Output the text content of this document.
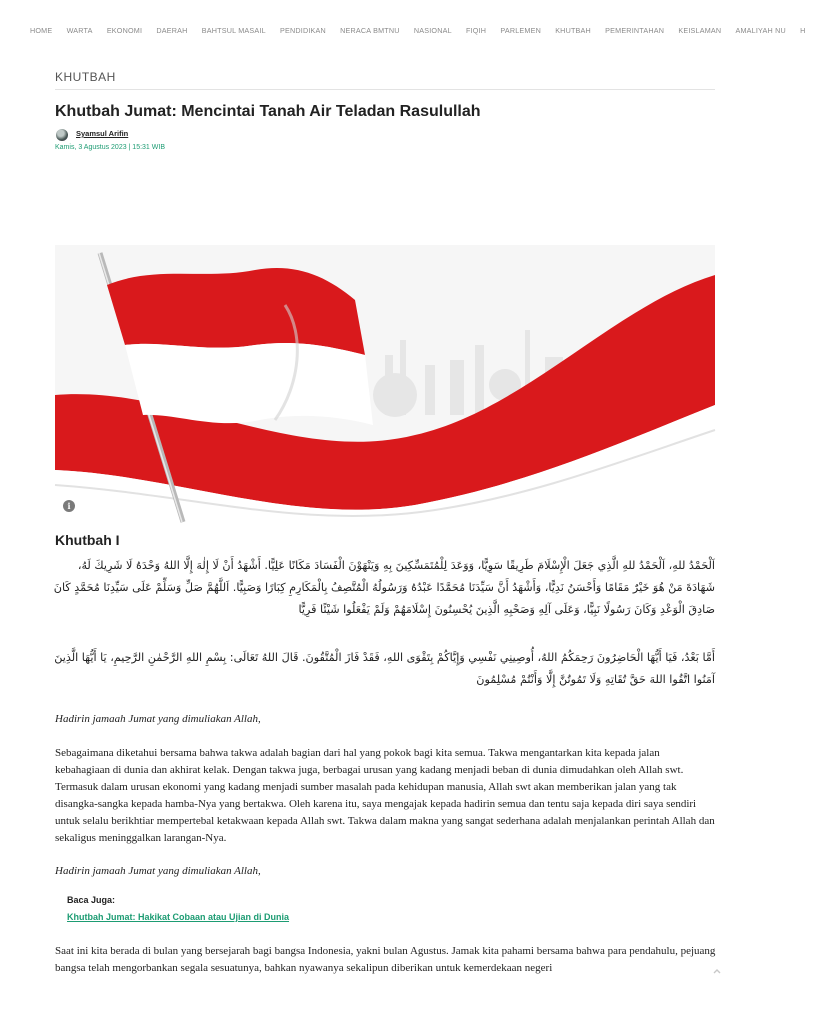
HOME WARTA EKONOMI DAERAH BAHTSUL MASAIL PENDIDIKAN NERACA BMTNU NASIONAL FIQIH PARLEMEN KHUTBAH PEMERINTAHAN KEISLAMAN AMALIYAH NU H
KHUTBAH
Khutbah Jumat: Mencintai Tanah Air Teladan Rasulullah
Syamsul Arifin
Kamis, 3 Agustus 2023 | 15:31 WIB
i
Khutbah I

اَلْحَمْدُ للهِ، اَلْحَمْدُ للهِ الَّذِي جَعَلَ الْإِسْلَامَ طَرِيقًا سَوِيًّا، وَوَعَدَ لِلْمُتَمَسِّكِينَ بِهِ وَيَنْهَوْنَ الْفَسَادَ مَكَانًا عَلِيًّا. أَشْهَدُ أَنْ لَا إِلٰهَ إِلَّا اللهُ وَحْدَهُ لَا شَرِيكَ لَهُ، شَهَادَةَ مَنْ هُوَ خَيْرٌ مَقَامًا وَأَحْسَنُ نَدِيًّا، وَأَشْهَدُ أَنَّ سَيِّدَنَا مُحَمَّدًا عَبْدُهُ وَرَسُولُهُ الْمُتَّصِفُ بِالْمَكَارِمِ كِبَارًا وَصَبِيًّا. اَللَّهُمَّ صَلِّ وَسَلِّمْ عَلَى سَيِّدِنَا مُحَمَّدٍ كَانَ صَادِقَ الْوَعْدِ وَكَانَ رَسُولًا نَبِيًّا، وَعَلَى آلِهِ وَصَحْبِهِ الَّذِينَ يُحْسِنُونَ إِسْلَامَهُمْ وَلَمْ يَفْعَلُوا شَيْئًا فَرِيًّا

أَمَّا بَعْدُ، فَيَا أَيُّهَا الْحَاضِرُونَ رَحِمَكُمُ اللهُ، أُوصِينِي نَفْسِي وَإِيَّاكُمْ بِتَقْوَى اللهِ، فَقَدْ فَازَ الْمُتَّقُونَ. قَالَ اللهُ تَعَالَى: بِسْمِ اللهِ الرَّحْمٰنِ الرَّحِيمِ، يَا أَيُّهَا الَّذِينَ آمَنُوا اتَّقُوا اللهَ حَقَّ تُقَاتِهِ وَلَا تَمُوتُنَّ إِلَّا وَأَنْتُمْ مُسْلِمُونَ

Hadirin jamaah Jumat yang dimuliakan Allah,

Sebagaimana diketahui bersama bahwa takwa adalah bagian dari hal yang pokok bagi kita semua. Takwa mengantarkan kita kepada jalan kebahagiaan di dunia dan akhirat kelak. Dengan takwa juga, berbagai urusan yang kadang menjadi beban di dunia dimudahkan oleh Allah swt. Termasuk dalam urusan ekonomi yang kadang menjadi sumber masalah pada kehidupan manusia, Allah swt akan memberikan jalan yang tak disangka-sangka kepada hamba-Nya yang bertakwa. Oleh karena itu, saya mengajak kepada hadirin semua dan tentu saja kepada diri saya sendiri untuk selalu berikhtiar mempertebal ketakwaan kepada Allah swt. Takwa dalam makna yang sangat sederhana adalah menjalankan perintah Allah dan sekaligus meninggalkan larangan-Nya.

Hadirin jamaah Jumat yang dimuliakan Allah,

Baca Juga:
Khutbah Jumat: Hakikat Cobaan atau Ujian di Dunia

Saat ini kita berada di bulan yang bersejarah bagi bangsa Indonesia, yakni bulan Agustus. Jamak kita pahami bersama bahwa para pendahulu, pejuang bangsa telah mengorbankan segala sesuatunya, bahkan nyawanya sekalipun diberikan untuk kemerdekaan negeri
